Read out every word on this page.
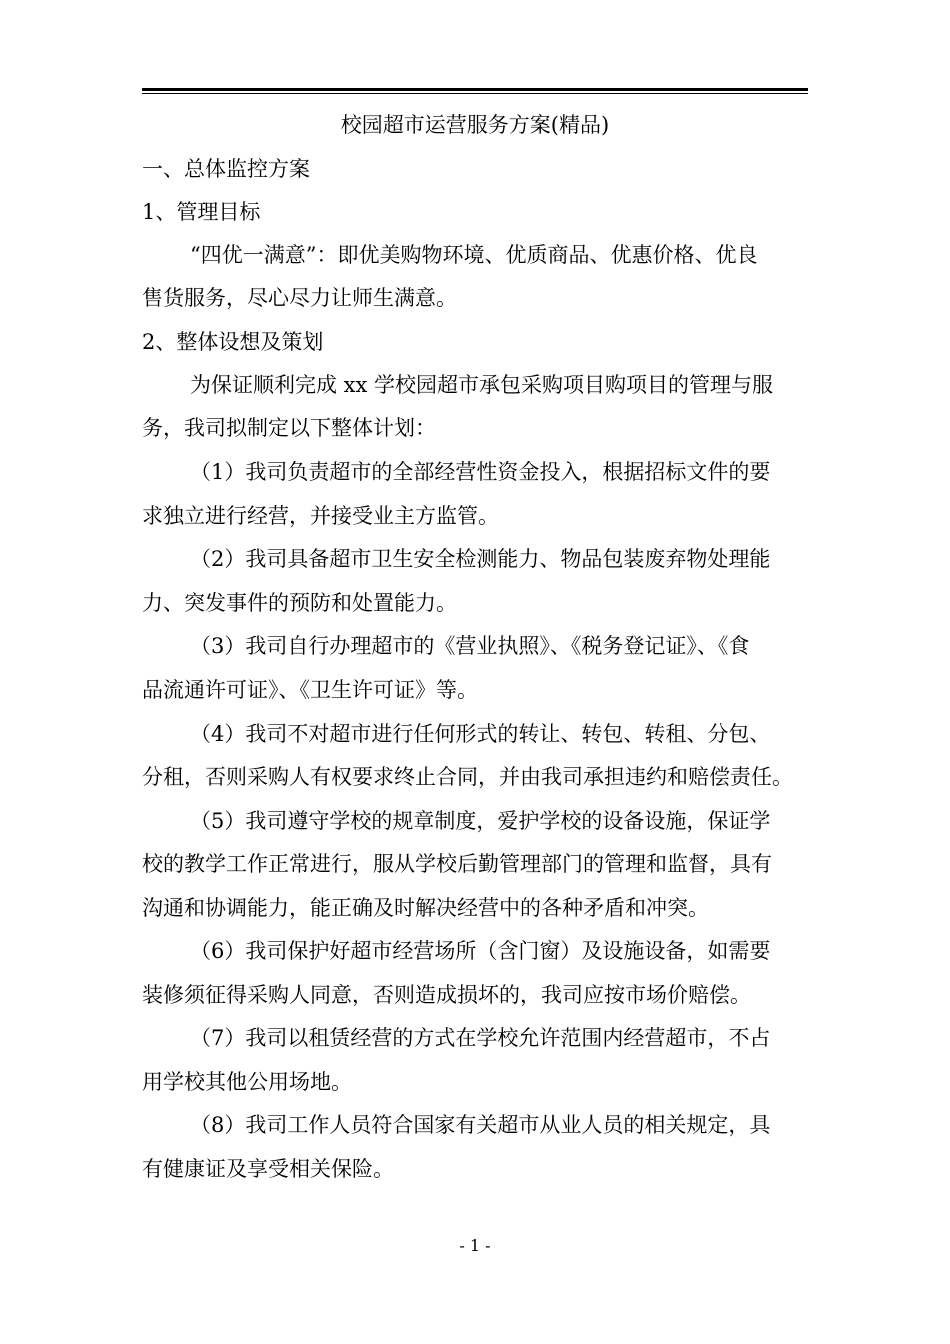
校园超市运营服务方案(精品)
一、总体监控方案
1、管理目标
“四优一满意”：即优美购物环境、优质商品、优惠价格、优良
售货服务，尽心尽力让师生满意。
2、整体设想及策划
为保证顺利完成 xx 学校园超市承包采购项目购项目的管理与服
务，我司拟制定以下整体计划：
（1）我司负责超市的全部经营性资金投入，根据招标文件的要
求独立进行经营，并接受业主方监管。
（2）我司具备超市卫生安全检测能力、物品包装废弃物处理能
力、突发事件的预防和处置能力。
（3）我司自行办理超市的《营业执照》、《税务登记证》、《食
品流通许可证》、《卫生许可证》等。
（4）我司不对超市进行任何形式的转让、转包、转租、分包、
分租，否则采购人有权要求终止合同，并由我司承担违约和赔偿责任。
（5）我司遵守学校的规章制度，爱护学校的设备设施，保证学
校的教学工作正常进行，服从学校后勤管理部门的管理和监督，具有
沟通和协调能力，能正确及时解决经营中的各种矛盾和冲突。
（6）我司保护好超市经营场所（含门窗）及设施设备，如需要
装修须征得采购人同意，否则造成损坏的，我司应按市场价赔偿。
（7）我司以租赁经营的方式在学校允许范围内经营超市，不占
用学校其他公用场地。
（8）我司工作人员符合国家有关超市从业人员的相关规定，具
有健康证及享受相关保险。
- 1 -
